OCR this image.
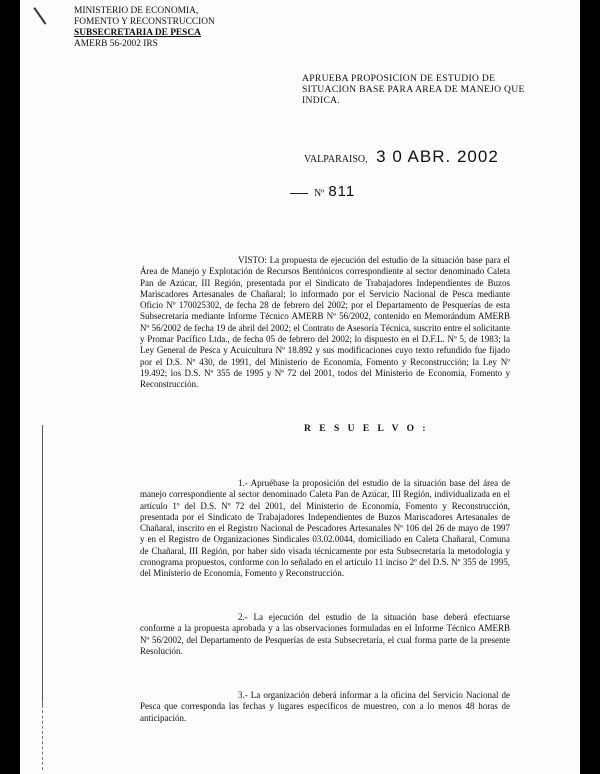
MINISTERIO DE ECONOMIA,
FOMENTO Y RECONSTRUCCION
SUBSECRETARIA DE PESCA
AMERB 56-2002 IRS
APRUEBA PROPOSICION DE ESTUDIO DE SITUACION BASE PARA AREA DE MANEJO QUE INDICA.
VALPARAISO, 3 0 ABR. 2002
Nº 811
VISTO: La propuesta de ejecución del estudio de la situación base para el Área de Manejo y Explotación de Recursos Bentónicos correspondiente al sector denominado Caleta Pan de Azúcar, III Región, presentada por el Sindicato de Trabajadores Independientes de Buzos Mariscadores Artesanales de Chañaral; lo informado por el Servicio Nacional de Pesca mediante Oficio Nº 170025302, de fecha 28 de febrero del 2002; por el Departamento de Pesquerías de esta Subsecretaría mediante Informe Técnico AMERB Nº 56/2002, contenido en Memorándum AMERB Nº 56/2002 de fecha 19 de abril del 2002; el Contrato de Asesoría Técnica, suscrito entre el solicitante y Promar Pacífico Ltda., de fecha 05 de febrero del 2002; lo dispuesto en el D.F.L. Nº 5, de 1983; la Ley General de Pesca y Acuicultura Nº 18.892 y sus modificaciones cuyo texto refundido fue fijado por el D.S. Nº 430, de 1991, del Ministerio de Economía, Fomento y Reconstrucción; la Ley Nº 19.492; los D.S. Nº 355 de 1995 y Nº 72 del 2001, todos del Ministerio de Economía, Fomento y Reconstrucción.
R E S U E L V O :
1.- Apruébase la proposición del estudio de la situación base del área de manejo correspondiente al sector denominado Caleta Pan de Azúcar, III Región, individualizada en el artículo 1º del D.S. Nº 72 del 2001, del Ministerio de Economía, Fomento y Reconstrucción, presentada por el Sindicato de Trabajadores Independientes de Buzos Mariscadores Artesanales de Chañaral, inscrito en el Registro Nacional de Pescadores Artesanales Nº 106 del 26 de mayo de 1997 y en el Registro de Organizaciones Sindicales 03.02.0044, domiciliado en Caleta Chañaral, Comuna de Chañaral, III Región, por haber sido visada técnicamente por esta Subsecretaría la metodología y cronograma propuestos, conforme con lo señalado en el artículo 11 inciso 2º del D.S. Nº 355 de 1995, del Ministerio de Economía, Fomento y Reconstrucción.
2.- La ejecución del estudio de la situación base deberá efectuarse conforme a la propuesta aprobada y a las observaciones formuladas en el Informe Técnico AMERB Nº 56/2002, del Departamento de Pesquerías de esta Subsecretaría, el cual forma parte de la presente Resolución.
3.- La organización deberá informar a la oficina del Servicio Nacional de Pesca que corresponda las fechas y lugares específicos de muestreo, con a lo menos 48 horas de anticipación.
